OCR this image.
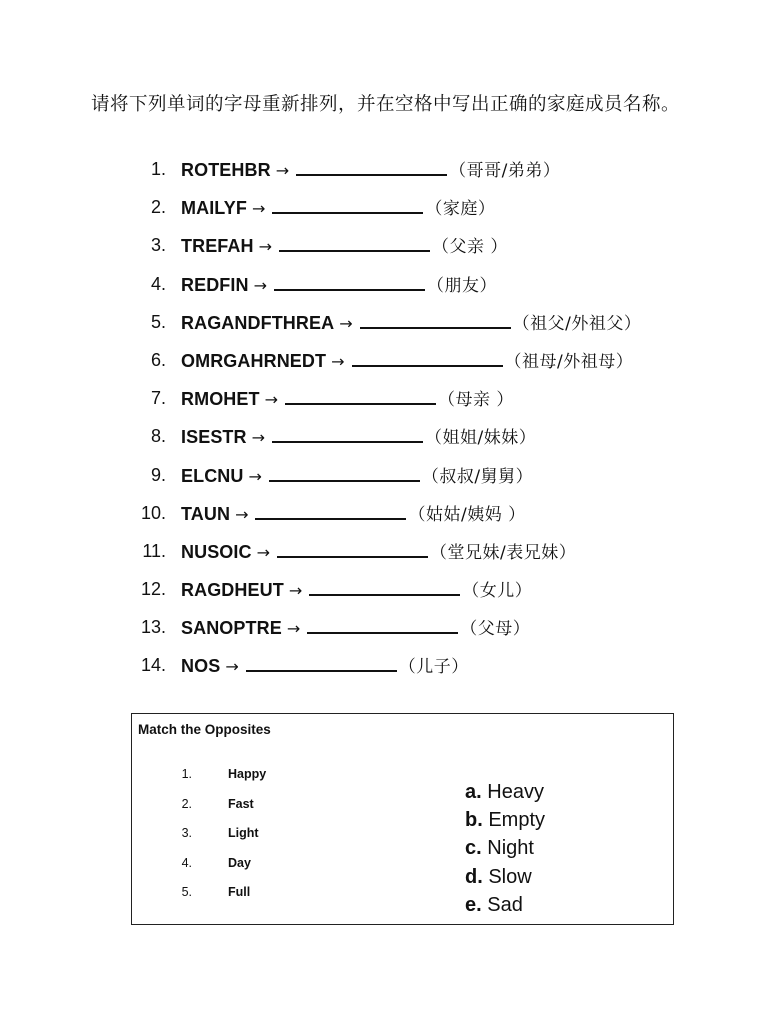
请将下列单词的字母重新排列，并在空格中写出正确的家庭成员名称。
1. ROTEHBR →	（哥哥/弟弟）
2. MAILYF →	（家庭）
3. TREFAH →	（父亲 ）
4. REDFIN →	（朋友）
5. RAGANDFTHREA →	（祖父/外祖父）
6. OMRGAHRNEDT →	（祖母/外祖母）
7. RMOHET →	（母亲 ）
8. ISESTR →	（姐姐/妹妹）
9. ELCNU →	（叔叔/舅舅）
10. TAUN →	（姑姑/姨妈 ）
11. NUSOIC →	（堂兄妹/表兄妹）
12. RAGDHEUT →	（女儿）
13. SANOPTRE →	（父母）
14. NOS →	（儿子）
Match the Opposites
1.	Happy
2.	Fast
3.	Light
4.	Day
5.	Full
a. Heavy
b. Empty
c. Night
d. Slow
e. Sad
